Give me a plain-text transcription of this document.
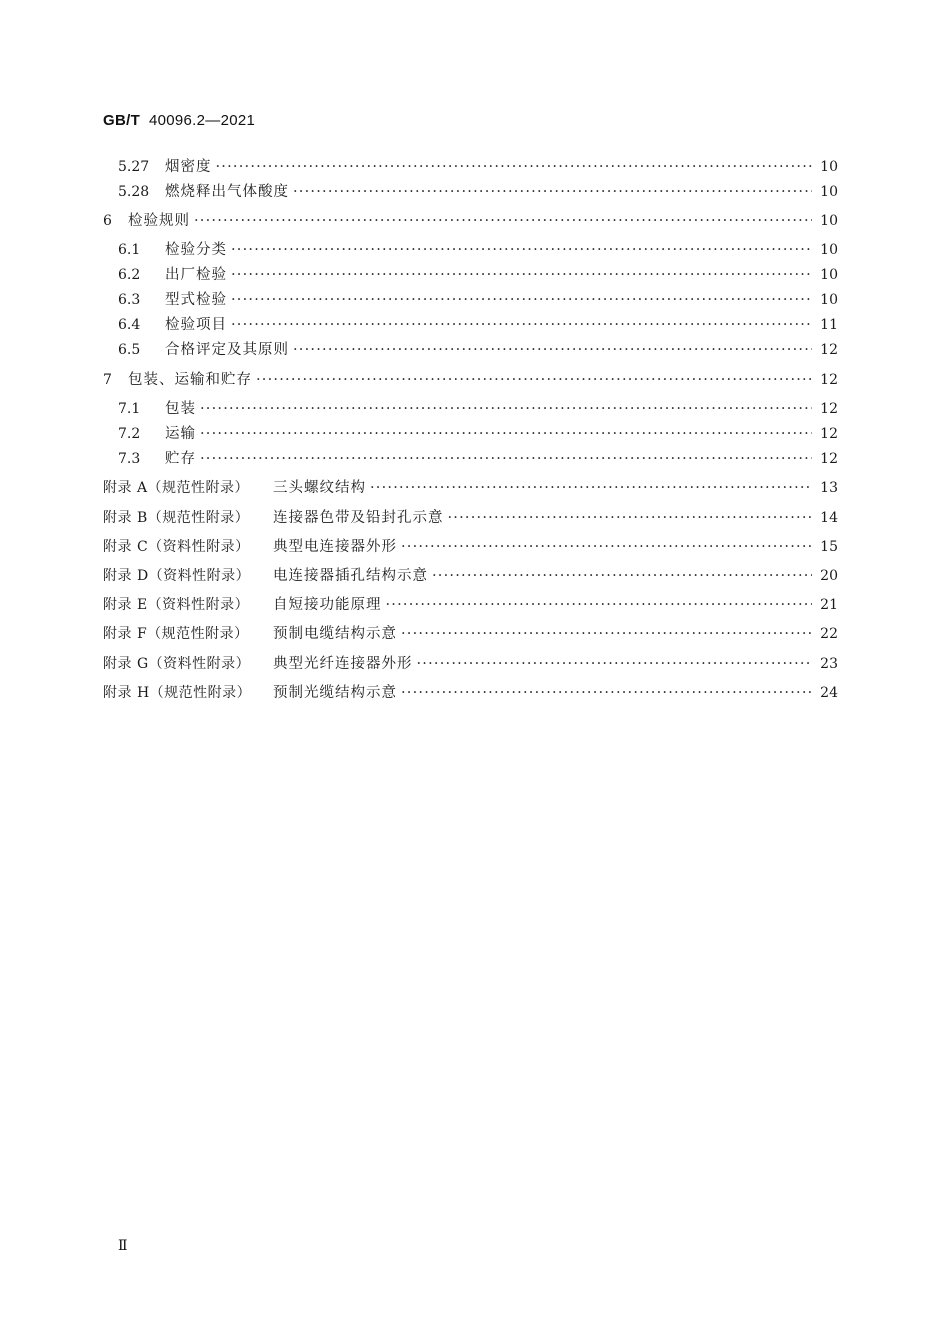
GB/T 40096.2—2021
5.27	烟密度 ·····	10
5.28	燃烧释出气体酸度 ·····	10
6	检验规则 ·····	10
6.1	检验分类 ·····	10
6.2	出厂检验 ·····	10
6.3	型式检验 ·····	10
6.4	检验项目 ·····	11
6.5	合格评定及其原则 ·····	12
7	包装、运输和贮存 ·····	12
7.1	包装 ·····	12
7.2	运输 ·····	12
7.3	贮存 ·····	12
附录 A（规范性附录）	三头螺纹结构 ·····	13
附录 B（规范性附录）	连接器色带及铅封孔示意 ·····	14
附录 C（资料性附录）	典型电连接器外形 ·····	15
附录 D（资料性附录）	电连接器插孔结构示意 ·····	20
附录 E（资料性附录）	自短接功能原理 ·····	21
附录 F（规范性附录）	预制电缆结构示意 ·····	22
附录 G（资料性附录）	典型光纤连接器外形 ·····	23
附录 H（规范性附录）	预制光缆结构示意 ·····	24
Ⅱ
